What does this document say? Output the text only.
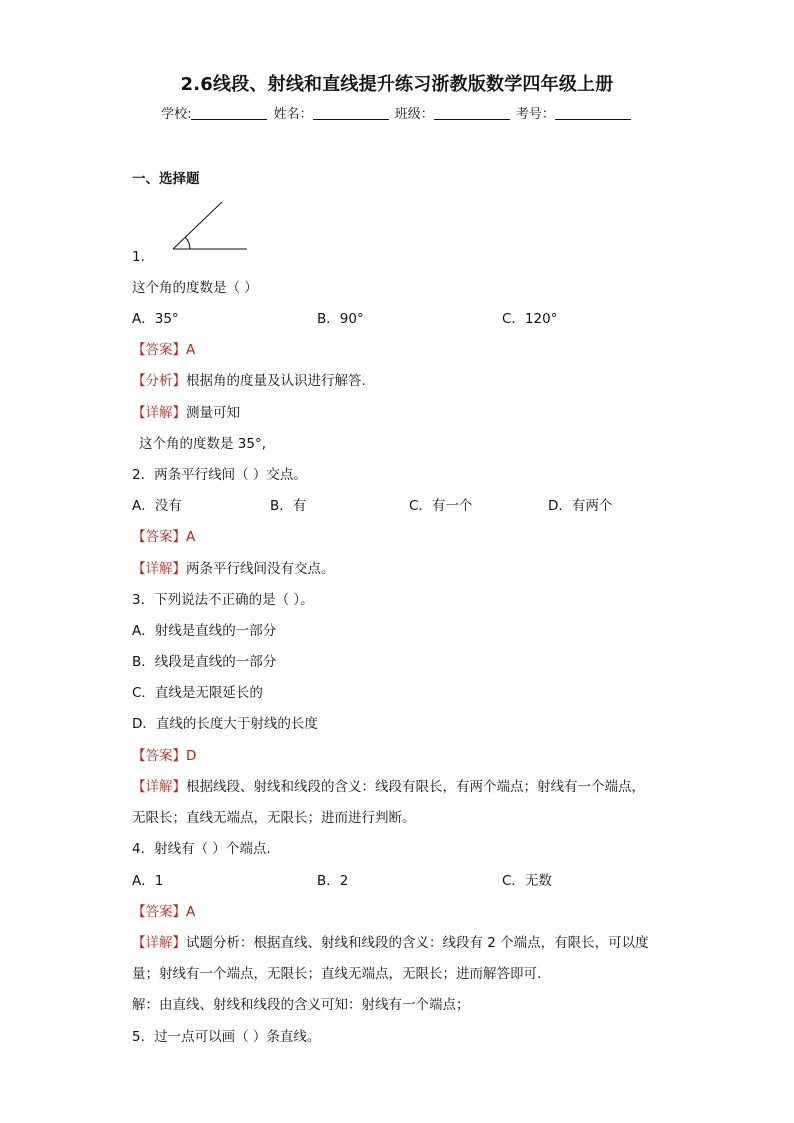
2.6线段、射线和直线提升练习浙教版数学四年级上册
学校:	姓名：	班级：	考号：
一、选择题
1．
这个角的度数是（ ）
A．35°	B．90°	C．120°
【答案】A
【分析】根据角的度量及认识进行解答.
【详解】测量可知
这个角的度数是 35°,
2．两条平行线间（ ）交点。
A．没有	B．有	C．有一个	D．有两个
【答案】A
【详解】两条平行线间没有交点。
3．下列说法不正确的是（ ）。
A．射线是直线的一部分
B．线段是直线的一部分
C．直线是无限延长的
D．直线的长度大于射线的长度
【答案】D
【详解】根据线段、射线和线段的含义：线段有限长，有两个端点；射线有一个端点，
无限长；直线无端点，无限长；进而进行判断。
4．射线有（ ）个端点.
A．1	B．2	C．无数
【答案】A
【详解】试题分析：根据直线、射线和线段的含义：线段有 2 个端点，有限长，可以度
量；射线有一个端点，无限长；直线无端点，无限长；进而解答即可.
解：由直线、射线和线段的含义可知：射线有一个端点；
5．过一点可以画（ ）条直线。
